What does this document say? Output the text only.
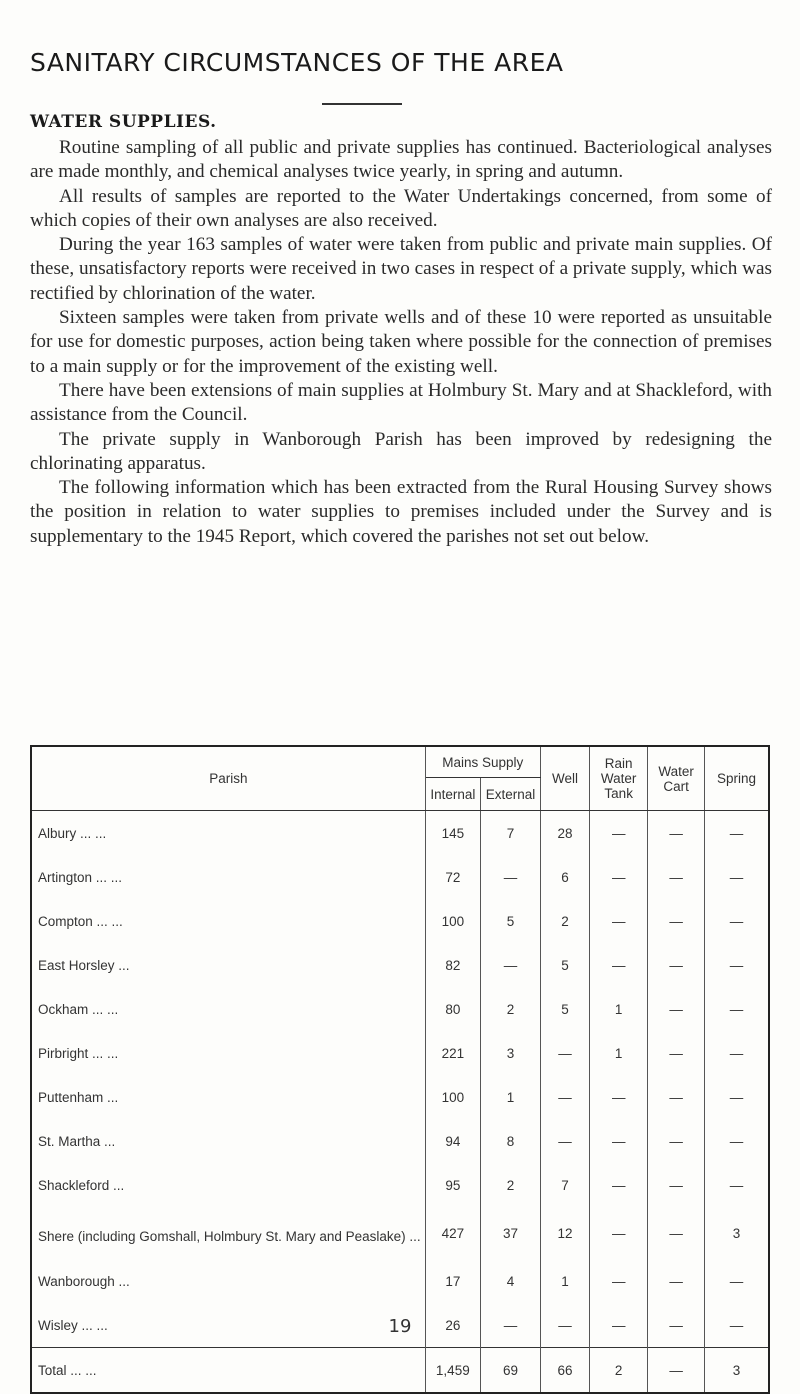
SANITARY CIRCUMSTANCES OF THE AREA
WATER SUPPLIES.

Routine sampling of all public and private supplies has continued. Bacteriological analyses are made monthly, and chemical analyses twice yearly, in spring and autumn.

All results of samples are reported to the Water Undertakings concerned, from some of which copies of their own analyses are also received.

During the year 163 samples of water were taken from public and private main supplies. Of these, unsatisfactory reports were received in two cases in respect of a private supply, which was rectified by chlorination of the water.

Sixteen samples were taken from private wells and of these 10 were reported as unsuitable for use for domestic purposes, action being taken where possible for the connection of premises to a main supply or for the improvement of the existing well.

There have been extensions of main supplies at Holmbury St. Mary and at Shackleford, with assistance from the Council.

The private supply in Wanborough Parish has been improved by redesigning the chlorinating apparatus.

The following information which has been extracted from the Rural Housing Survey shows the position in relation to water supplies to premises included under the Survey and is supplementary to the 1945 Report, which covered the parishes not set out below.

Parish	Mains Supply		Well	Rain Water Tank	Water Cart	Spring
	Internal	External				
Albury ... ...	145	7	28	—	—	—
Artington ... ...	72	—	6	—	—	—
Compton ... ...	100	5	2	—	—	—
East Horsley ...	82	—	5	—	—	—
Ockham ... ...	80	2	5	1	—	—
Pirbright ... ...	221	3	—	1	—	—
Puttenham ...	100	1	—	—	—	—
St. Martha ...	94	8	—	—	—	—
Shackleford ...	95	2	7	—	—	—
Shere (including Gomshall, Holmbury St. Mary and Peaslake) ...	427	37	12	—	—	3
Wanborough ...	17	4	1	—	—	—
Wisley ... ...	26	—	—	—	—	—
Total ... ...	1,459	69	66	2	—	3
19
